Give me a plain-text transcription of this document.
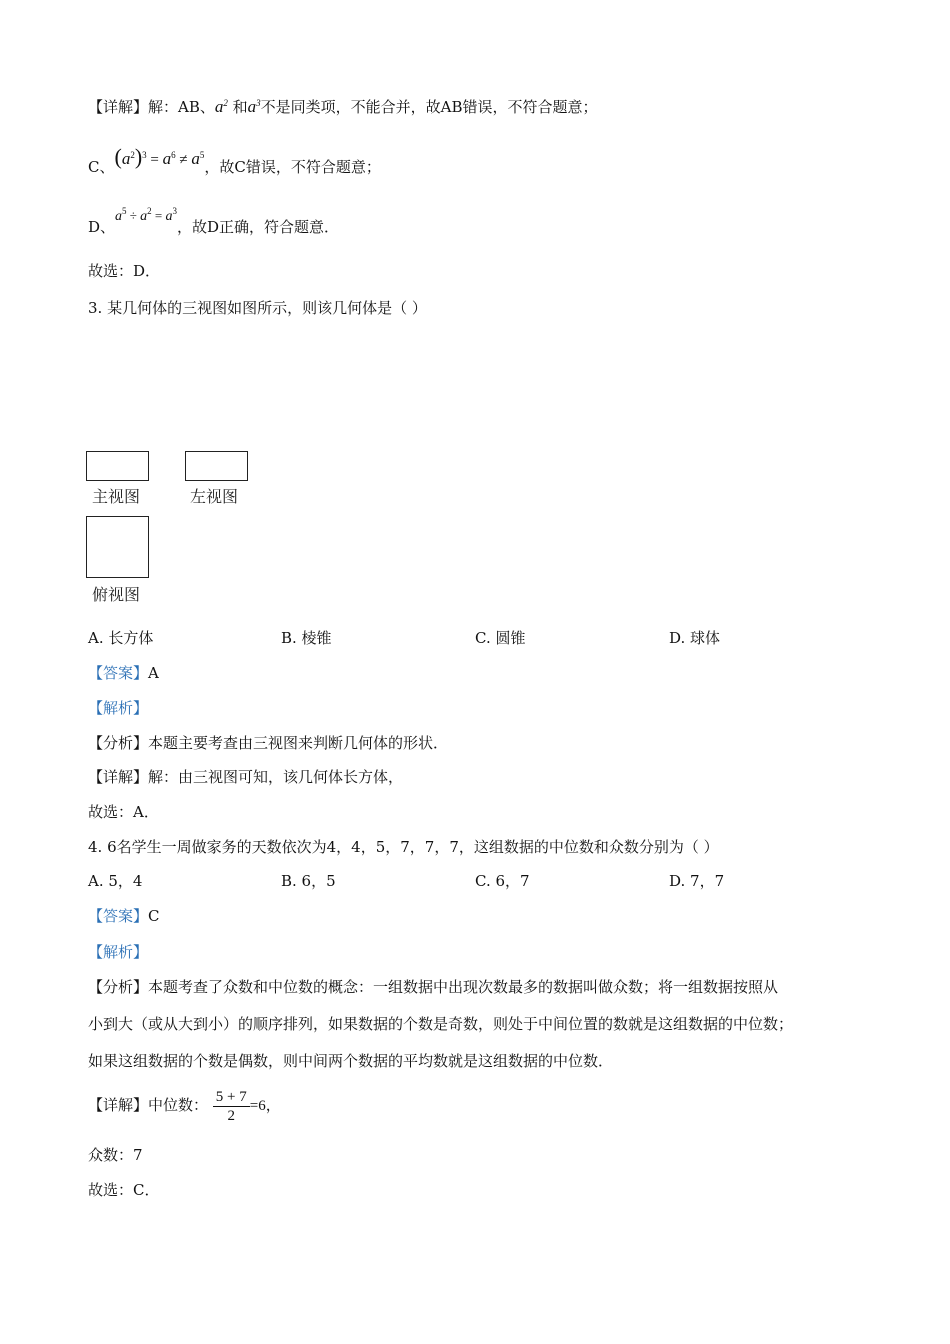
【详解】解：AB、$a^2$ 和$a^3$不是同类项，不能合并，故AB错误，不符合题意；
C、$(a^2)^3 = a^6 \ne a^5$，故C错误，不符合题意；
D、$a^5 \div a^2 = a^3$，故D正确，符合题意．
故选：D．
3. 某几何体的三视图如图所示，则该几何体是（ ）
主视图	左视图
俯视图
A. 长方体	B. 棱锥	C. 圆锥	D. 球体
【答案】A
【解析】
【分析】本题主要考查由三视图来判断几何体的形状．
【详解】解：由三视图可知，该几何体长方体，
故选：A．
4. 6名学生一周做家务的天数依次为4，4，5，7，7，7，这组数据的中位数和众数分别为（ ）
A. 5，4	B. 6，5	C. 6，7	D. 7，7
【答案】C
【解析】
【分析】本题考查了众数和中位数的概念：一组数据中出现次数最多的数据叫做众数；将一组数据按照从
小到大（或从大到小）的顺序排列，如果数据的个数是奇数，则处于中间位置的数就是这组数据的中位数；
如果这组数据的个数是偶数，则中间两个数据的平均数就是这组数据的中位数．
【详解】中位数： $\frac{5 + 7}{2} =6$，
众数：7
故选：C．
